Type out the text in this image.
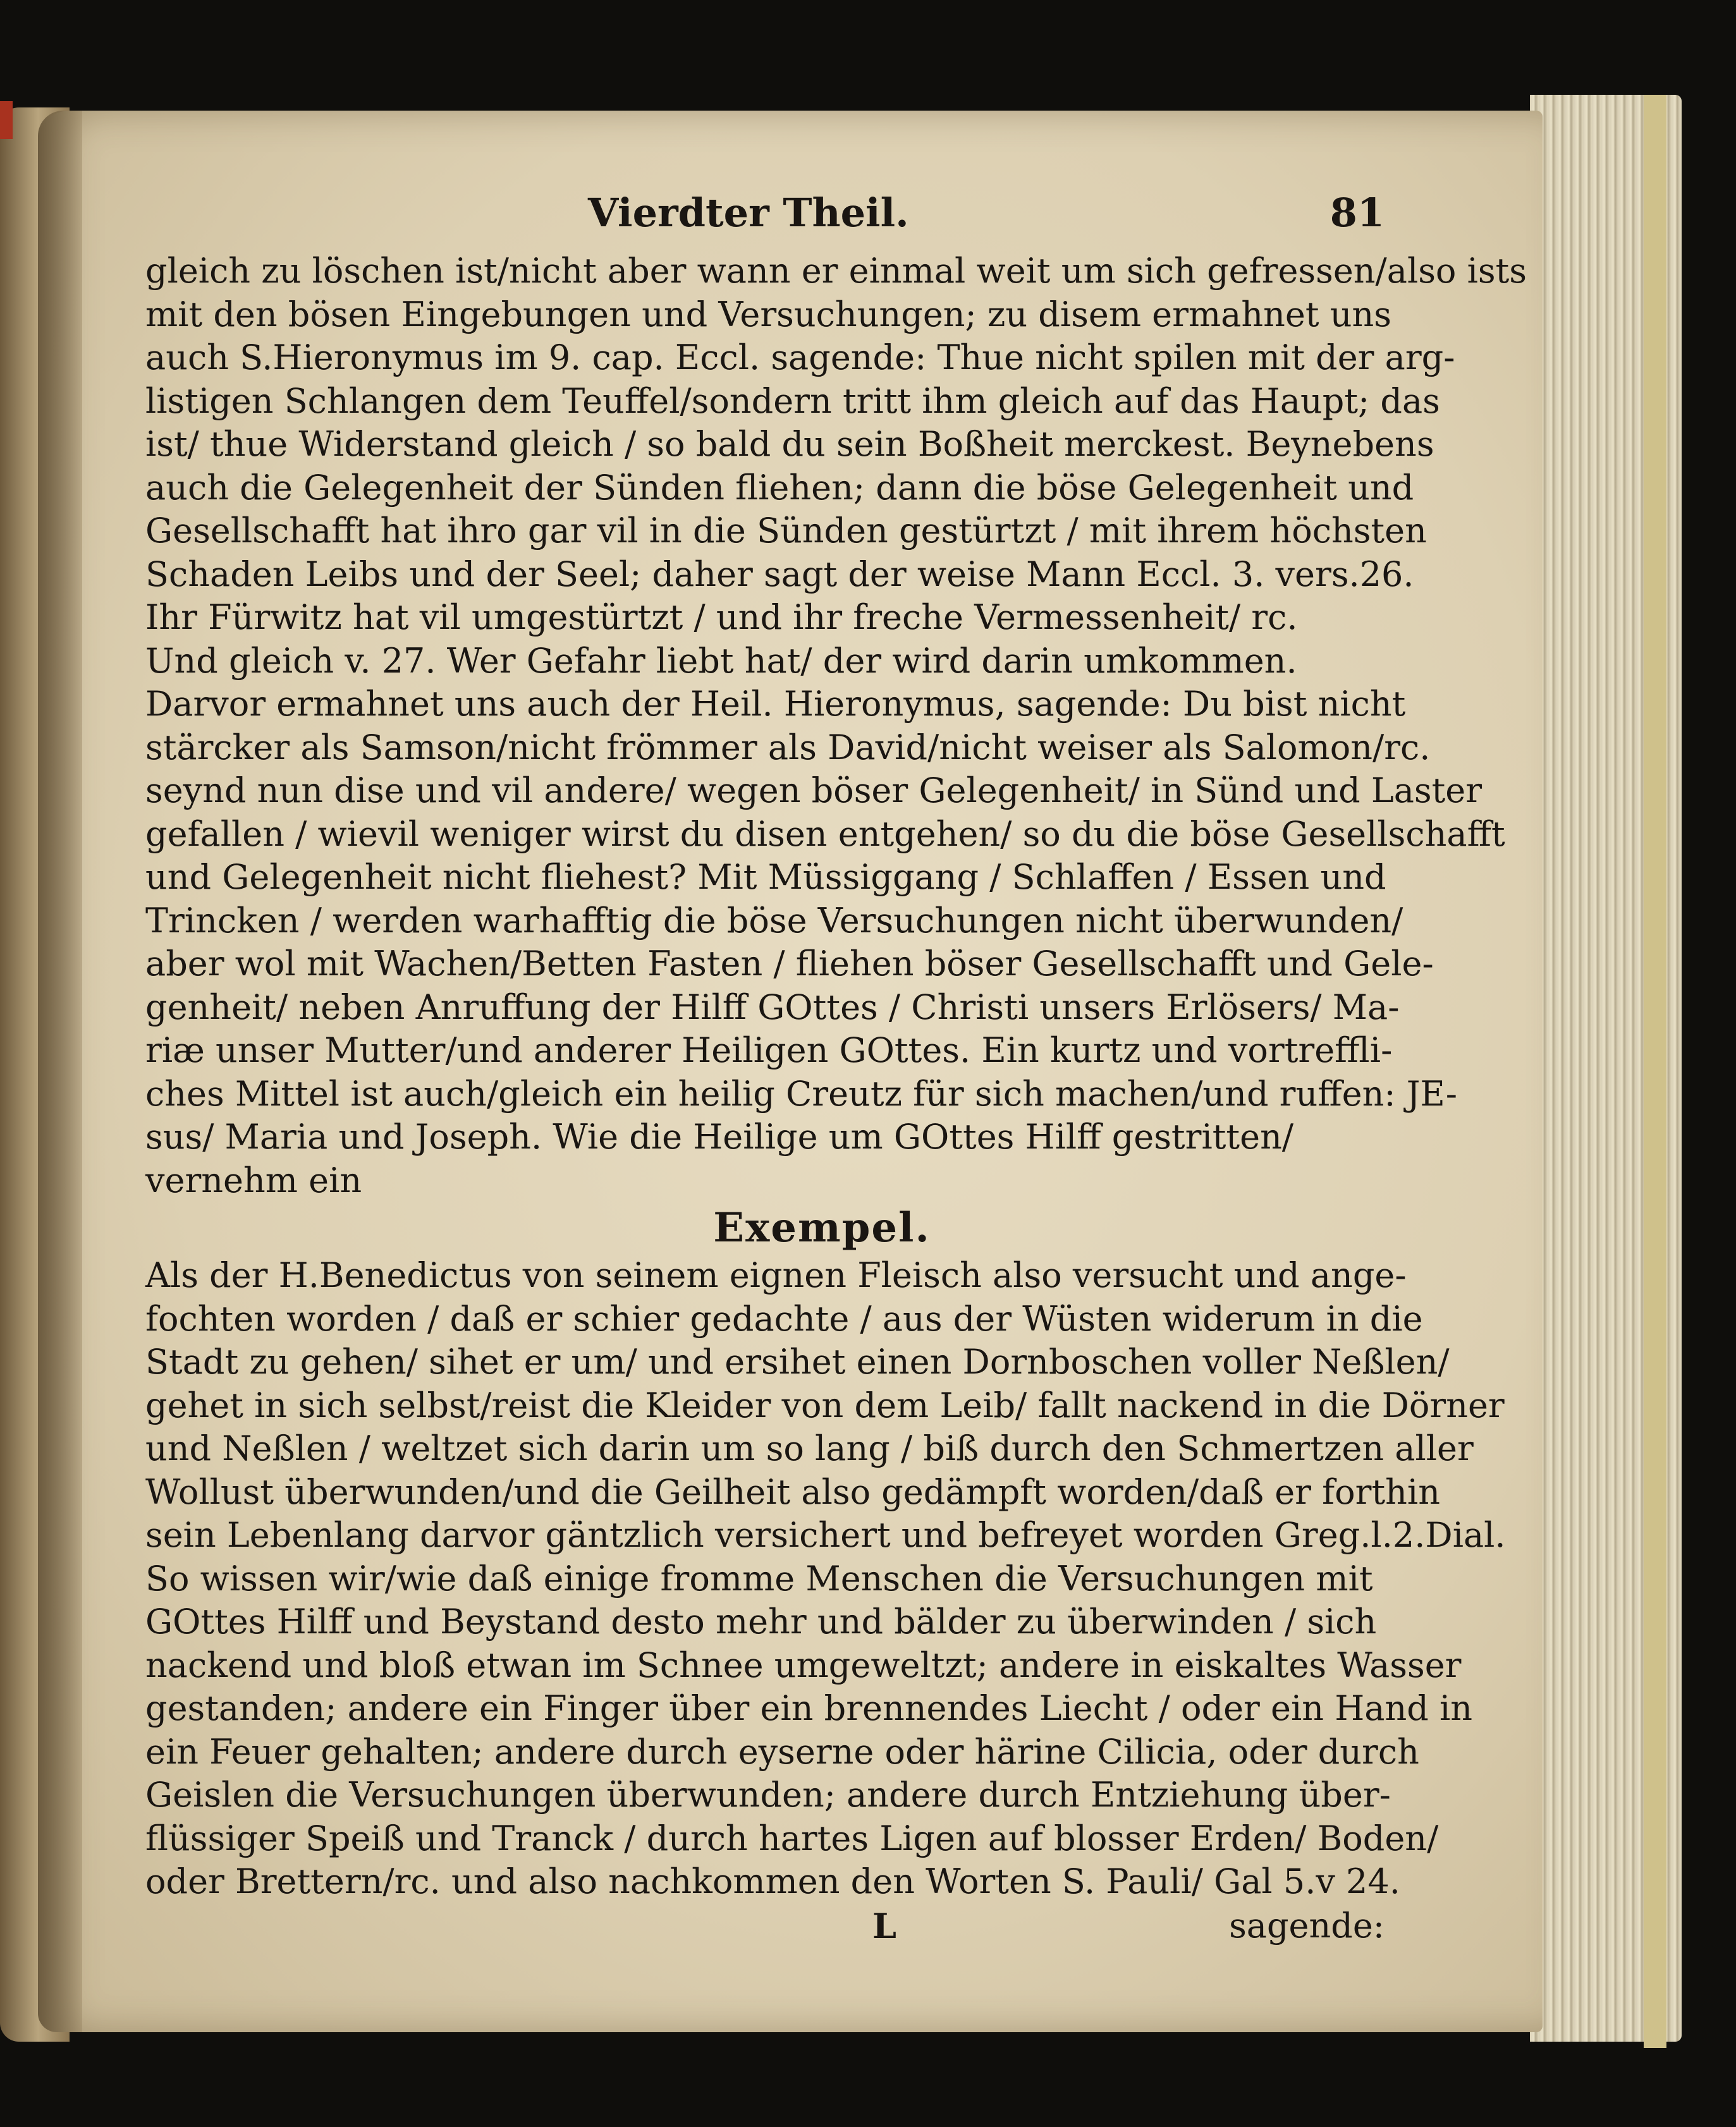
Vierdter Theil.	81
gleich zu löschen ist/nicht aber wann er einmal weit um sich gefressen/also ists
mit den bösen Eingebungen und Versuchungen; zu disem ermahnet uns
auch S.Hieronymus im 9. cap. Eccl. sagende: Thue nicht spilen mit der arg-
listigen Schlangen dem Teuffel/sondern tritt ihm gleich auf das Haupt; das
ist/ thue Widerstand gleich / so bald du sein Boßheit merckest. Beynebens
auch die Gelegenheit der Sünden fliehen; dann die böse Gelegenheit und
Gesellschafft hat ihro gar vil in die Sünden gestürtzt / mit ihrem höchsten
Schaden Leibs und der Seel; daher sagt der weise Mann Eccl. 3. vers.26.
Ihr Fürwitz hat vil umgestürtzt / und ihr freche Vermessenheit/ rc.
Und gleich v. 27. Wer Gefahr liebt hat/ der wird darin umkommen.
Darvor ermahnet uns auch der Heil. Hieronymus, sagende: Du bist nicht
stärcker als Samson/nicht frömmer als David/nicht weiser als Salomon/rc.
seynd nun dise und vil andere/ wegen böser Gelegenheit/ in Sünd und Laster
gefallen / wievil weniger wirst du disen entgehen/ so du die böse Gesellschafft
und Gelegenheit nicht fliehest? Mit Müssiggang / Schlaffen / Essen und
Trincken / werden warhafftig die böse Versuchungen nicht überwunden/
aber wol mit Wachen/Betten Fasten / fliehen böser Gesellschafft und Gele-
genheit/ neben Anruffung der Hilff GOttes / Christi unsers Erlösers/ Ma-
riæ unser Mutter/und anderer Heiligen GOttes. Ein kurtz und vortreffli-
ches Mittel ist auch/gleich ein heilig Creutz für sich machen/und ruffen: JE-
sus/ Maria und Joseph. Wie die Heilige um GOttes Hilff gestritten/
vernehm ein
Exempel.
Als der H.Benedictus von seinem eignen Fleisch also versucht und ange-
fochten worden / daß er schier gedachte / aus der Wüsten widerum in die
Stadt zu gehen/ sihet er um/ und ersihet einen Dornboschen voller Neßlen/
gehet in sich selbst/reist die Kleider von dem Leib/ fallt nackend in die Dörner
und Neßlen / weltzet sich darin um so lang / biß durch den Schmertzen aller
Wollust überwunden/und die Geilheit also gedämpft worden/daß er forthin
sein Lebenlang darvor gäntzlich versichert und befreyet worden Greg.l.2.Dial.
So wissen wir/wie daß einige fromme Menschen die Versuchungen mit
GOttes Hilff und Beystand desto mehr und bälder zu überwinden / sich
nackend und bloß etwan im Schnee umgeweltzt; andere in eiskaltes Wasser
gestanden; andere ein Finger über ein brennendes Liecht / oder ein Hand in
ein Feuer gehalten; andere durch eyserne oder härine Cilicia, oder durch
Geislen die Versuchungen überwunden; andere durch Entziehung über-
flüssiger Speiß und Tranck / durch hartes Ligen auf blosser Erden/ Boden/
oder Brettern/rc. und also nachkommen den Worten S. Pauli/ Gal 5.v 24.
L	sagende:
